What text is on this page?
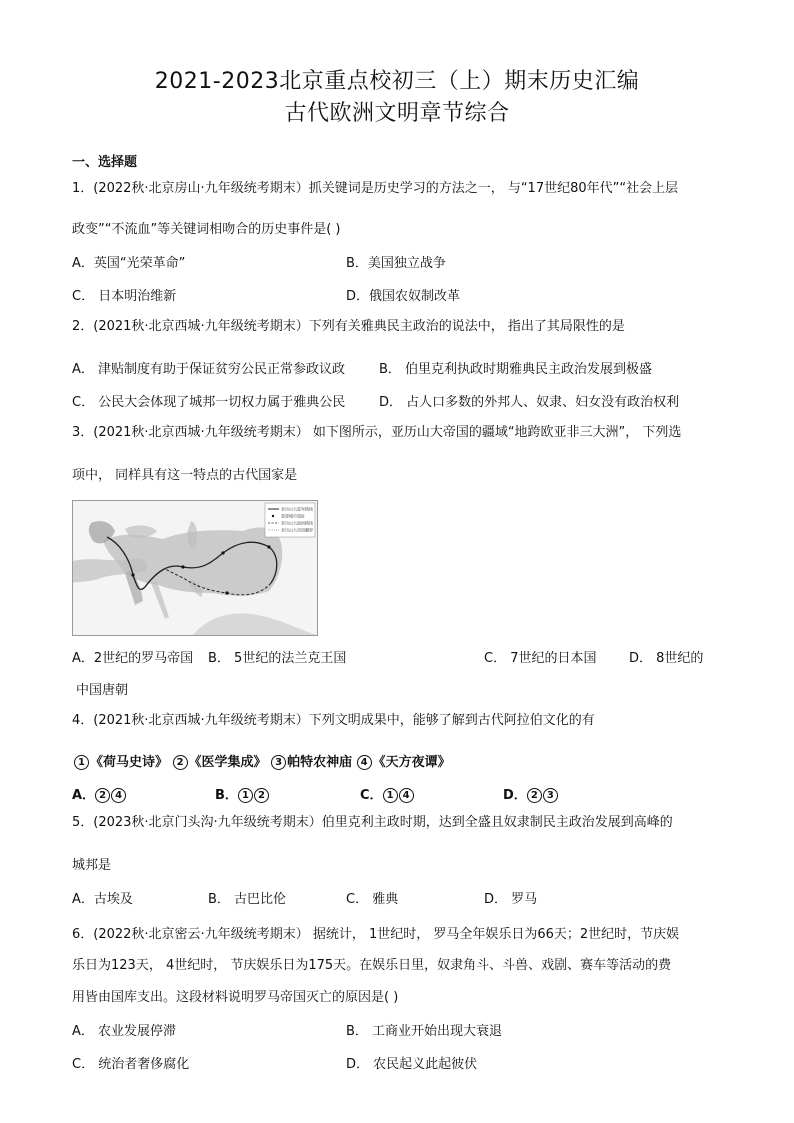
2021-2023北京重点校初三（上）期末历史汇编
古代欧洲文明章节综合
一、选择题
1．(2022秋·北京房山·九年级统考期末）抓关键词是历史学习的方法之一， 与“17世纪80年代”“社会上层
政变”“不流血”等关键词相吻合的历史事件是( )
A．英国“光荣革命”	B．美国独立战争
C． 日本明治维新	D．俄国农奴制改革
2．(2021秋·北京西城·九年级统考期末）下列有关雅典民主政治的说法中， 指出了其局限性的是
A． 津贴制度有助于保证贫穷公民正常参政议政	B． 伯里克利执政时期雅典民主政治发展到极盛
C． 公民大会体现了城邦一切权力属于雅典公民	D． 占人口多数的外邦人、奴隶、妇女没有政治权利
3．(2021秋·北京西城·九年级统考期末） 如下图所示，亚历山大帝国的疆域“地跨欧亚非三大洲”， 下列选
项中， 同样具有这一特点的古代国家是
亚历山大进军路线
重要城市遗址
亚历山大返回路线
亚历山大帝国疆界
A．2世纪的罗马帝国 B． 5世纪的法兰克王国	C． 7世纪的日本国	D． 8世纪的
中国唐朝
4．(2021秋·北京西城·九年级统考期末）下列文明成果中，能够了解到古代阿拉伯文化的有
1 《荷马史诗》 2 《医学集成》 3 帕特农神庙 4 《天方夜谭》
A． 2 4	B． 1 2	C． 1 4	D． 2 3
5．(2023秋·北京门头沟·九年级统考期末）伯里克利主政时期，达到全盛且奴隶制民主政治发展到高峰的
城邦是
A．古埃及	B． 古巴比伦	C． 雅典	D． 罗马
6．(2022秋·北京密云·九年级统考期末） 据统计， 1世纪时， 罗马全年娱乐日为66天；2世纪时，节庆娱
乐日为123天， 4世纪时， 节庆娱乐日为175天。在娱乐日里，奴隶角斗、斗兽、戏剧、赛车等活动的费
用皆由国库支出。这段材料说明罗马帝国灭亡的原因是( )
A． 农业发展停滞	B． 工商业开始出现大衰退
C． 统治者奢侈腐化	D． 农民起义此起彼伏
